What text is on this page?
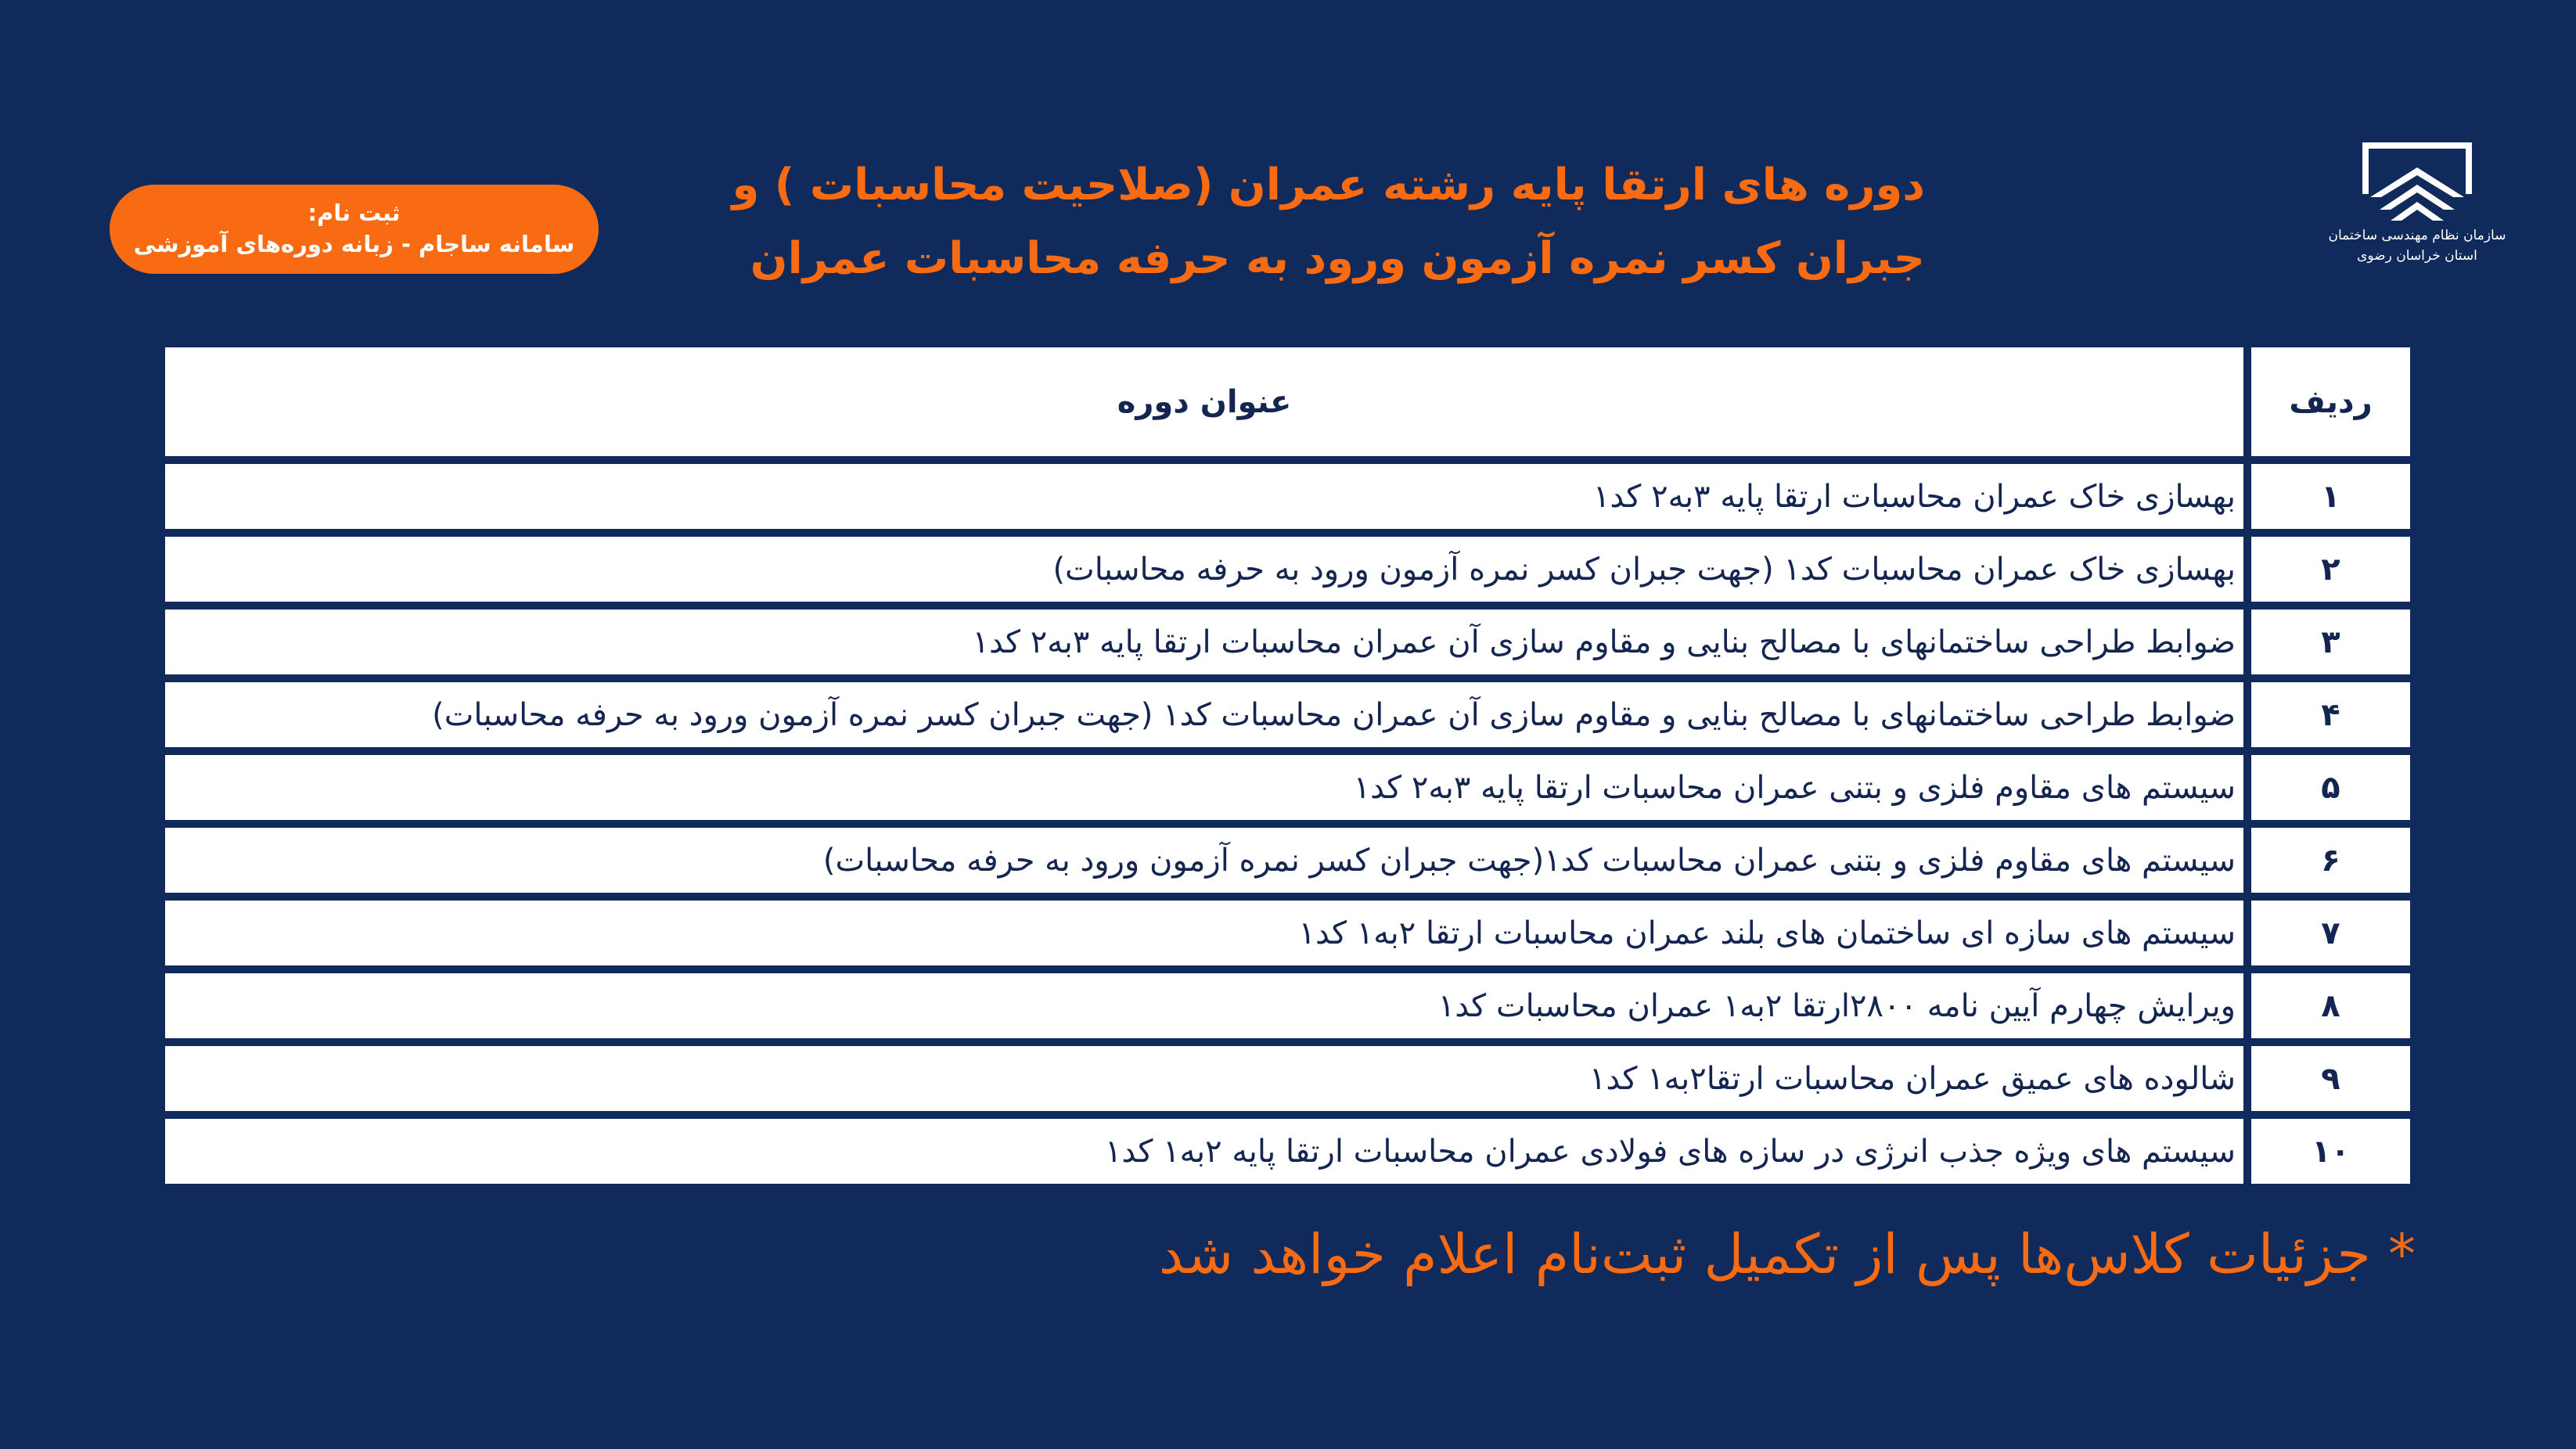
سازمان نظام مهندسی ساختمان
استان خراسان رضوی
ثبت نام:
سامانه ساجام - زبانه دوره‌های آموزشی
دوره های ارتقا پایه رشته عمران (صلاحیت محاسبات ) و
جبران کسر نمره آزمون ورود به حرفه محاسبات عمران
ردیف
عنوان دوره
۱
بهسازی خاک عمران محاسبات ارتقا پایه ۳به۲ کد۱
۲
بهسازی خاک عمران محاسبات کد۱ (جهت جبران کسر نمره آزمون ورود به حرفه محاسبات)
۳
ضوابط طراحی ساختمانهای با مصالح بنایی و مقاوم سازی آن عمران محاسبات ارتقا پایه ۳به۲ کد۱
۴
ضوابط طراحی ساختمانهای با مصالح بنایی و مقاوم سازی آن عمران محاسبات کد۱ (جهت جبران کسر نمره آزمون ورود به حرفه محاسبات)
۵
سیستم های مقاوم فلزی و بتنی عمران محاسبات ارتقا پایه ۳به۲ کد۱
۶
سیستم های مقاوم فلزی و بتنی عمران محاسبات کد۱(جهت جبران کسر نمره آزمون ورود به حرفه محاسبات)
۷
سیستم های سازه ای ساختمان های بلند عمران محاسبات ارتقا ۲به۱ کد۱
۸
ویرایش چهارم آیین نامه ۲۸۰۰ارتقا ۲به۱ عمران محاسبات کد۱
۹
شالوده های عمیق عمران محاسبات ارتقا۲به۱ کد۱
۱۰
سیستم های ویژه جذب انرژی در سازه های فولادی عمران محاسبات ارتقا پایه ۲به۱ کد۱
* جزئیات کلاس‌ها پس از تکمیل ثبت‌نام اعلام خواهد شد
